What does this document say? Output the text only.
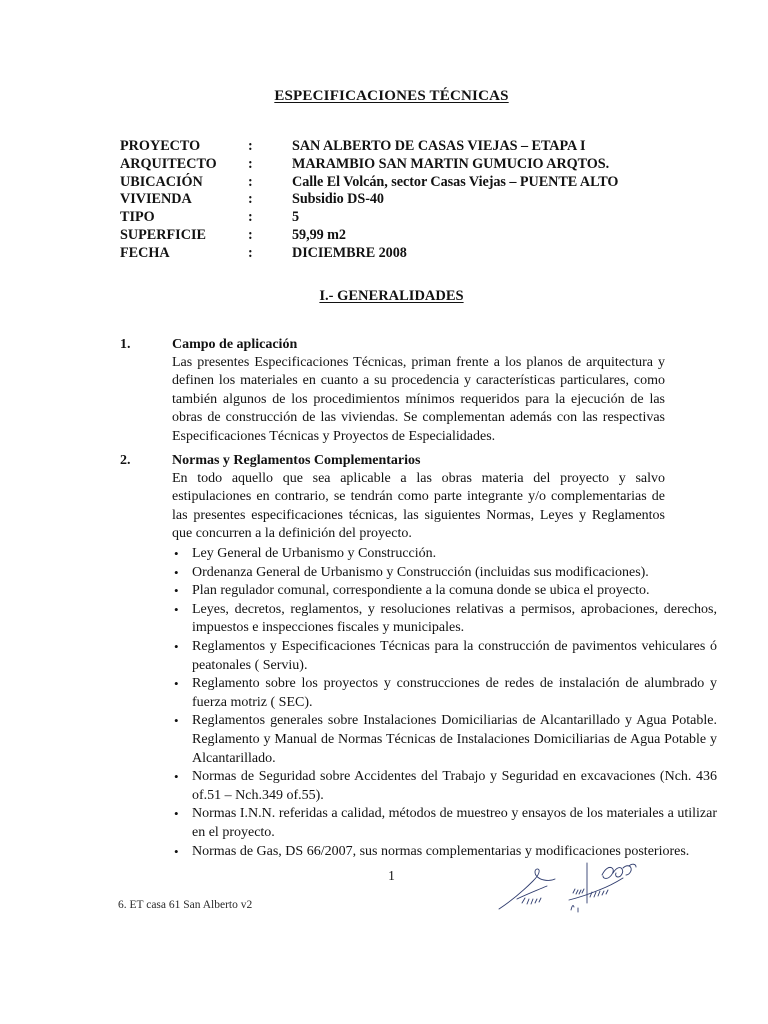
ESPECIFICACIONES TÉCNICAS
PROYECTO	:	SAN ALBERTO DE CASAS VIEJAS – ETAPA I
ARQUITECTO	:	MARAMBIO SAN MARTIN GUMUCIO ARQTOS.
UBICACIÓN	:	Calle El Volcán, sector Casas Viejas – PUENTE ALTO
VIVIENDA	:	Subsidio DS-40
TIPO	:	5
SUPERFICIE	:	59,99 m2
FECHA	:	DICIEMBRE 2008
I.- GENERALIDADES
1.	Campo de aplicación

Las presentes Especificaciones Técnicas, priman frente a los planos de arquitectura y definen los materiales en cuanto a su procedencia y características particulares, como también algunos de los procedimientos mínimos requeridos para la ejecución de las obras de construcción de las viviendas. Se complementan además con las respectivas Especificaciones Técnicas y Proyectos de Especialidades.

2.	Normas y Reglamentos Complementarios

En todo aquello que sea aplicable a las obras materia del proyecto y salvo estipulaciones en contrario, se tendrán como parte integrante y/o complementarias de las presentes especificaciones técnicas, las siguientes Normas, Leyes y Reglamentos que concurren a la definición del proyecto.

• Ley General de Urbanismo y Construcción.
• Ordenanza General de Urbanismo y Construcción (incluidas sus modificaciones).
• Plan regulador comunal, correspondiente a la comuna donde se ubica el proyecto.
• Leyes, decretos, reglamentos, y resoluciones relativas a permisos, aprobaciones, derechos, impuestos e inspecciones fiscales y municipales.
• Reglamentos y Especificaciones Técnicas para la construcción de pavimentos vehiculares ó peatonales ( Serviu).
• Reglamento sobre los proyectos y construcciones de redes de instalación de alumbrado y fuerza motriz ( SEC).
• Reglamentos generales sobre Instalaciones Domiciliarias de Alcantarillado y Agua Potable. Reglamento y Manual de Normas Técnicas de Instalaciones Domiciliarias de Agua Potable y Alcantarillado.
• Normas de Seguridad sobre Accidentes del Trabajo y Seguridad en excavaciones (Nch. 436 of.51 – Nch.349 of.55).
• Normas I.N.N. referidas a calidad, métodos de muestreo y ensayos de los materiales a utilizar en el proyecto.
• Normas de Gas, DS 66/2007, sus normas complementarias y modificaciones posteriores.
1
6. ET casa 61 San Alberto v2
